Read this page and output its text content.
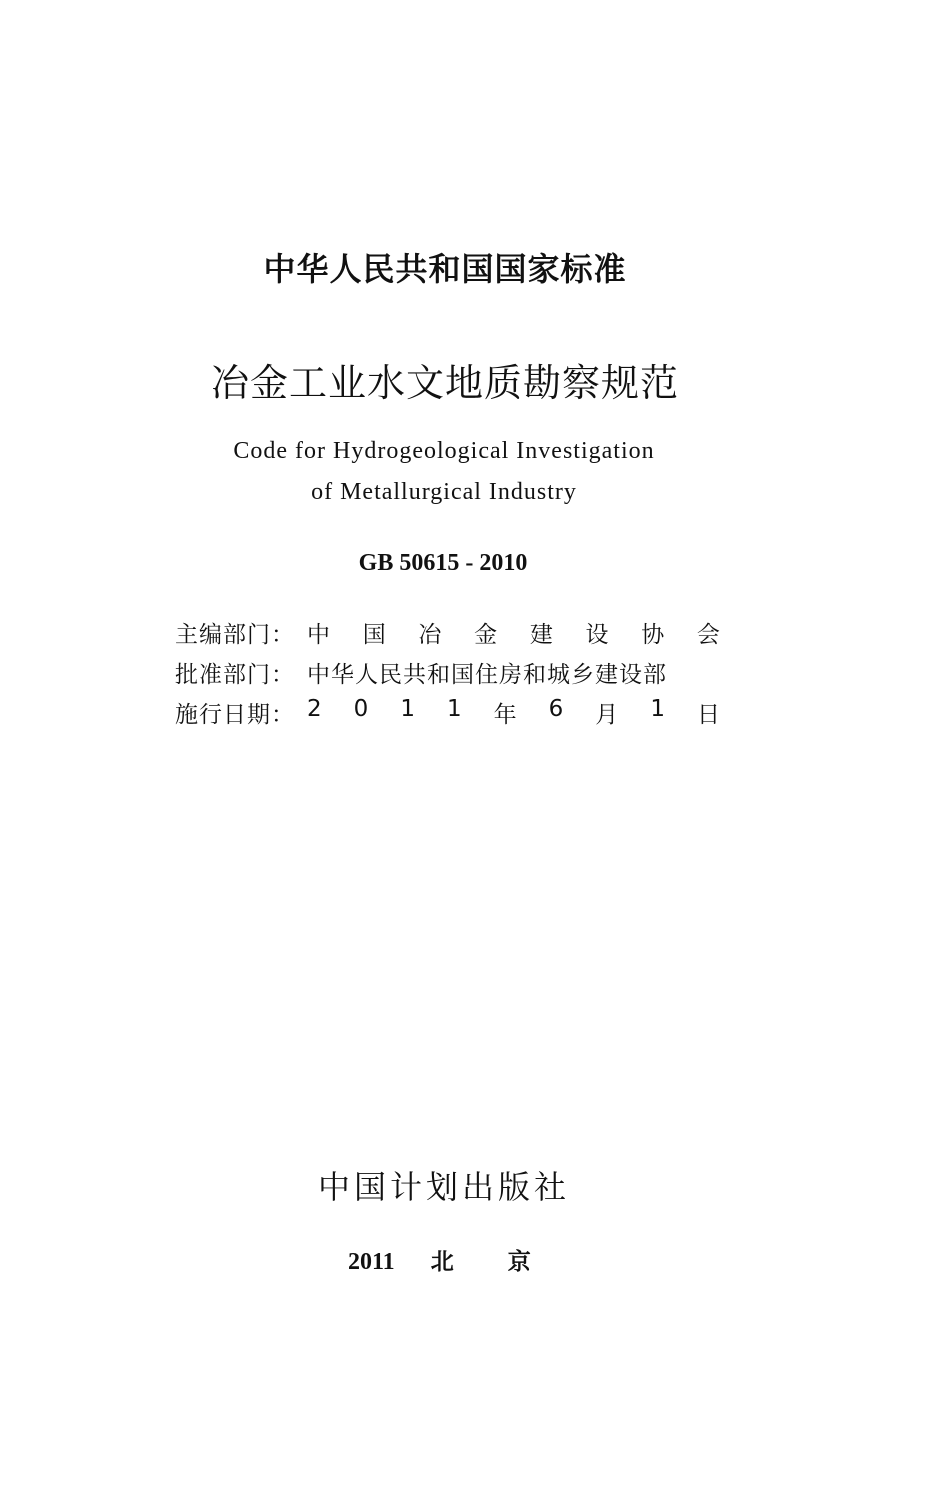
中华人民共和国国家标准
冶金工业水文地质勘察规范
Code for Hydrogeological Investigation
of Metallurgical Industry
GB 50615 - 2010
主编部门： 中 国 冶 金 建 设 协 会
批准部门： 中华人民共和国住房和城乡建设部
施行日期： 2 0 1 1 年 6 月 1 日
中国计划出版社
2011 北京
